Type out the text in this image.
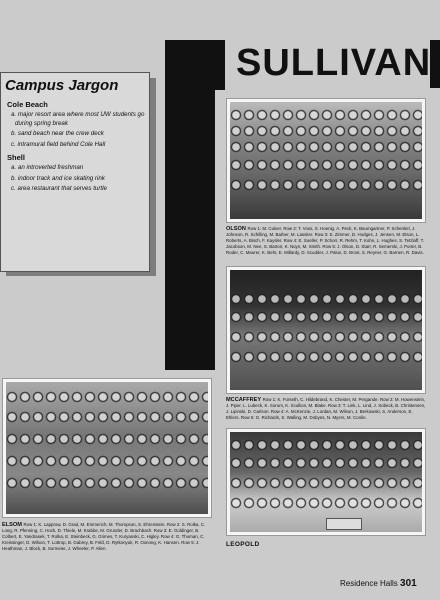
SULLIVAN
Campus Jargon
Cole Beach
a. major resort area where most UW students go during spring break
b. sand beach near the crew deck
c. intramural field behind Cole Hall
Shell
a. an introverted freshman
b. indoor track and ice skating rink
c. area restaurant that serves turtle
OLSON Row 1: M. Culver. Row 2: T. Voss, S. Hoenig, A. Peck, K. Baumgartner, P. Schenkel, J. Johnson, R. Schilling, M. Barber, M. Lassiter. Row 3: S. Zimmer, D. Hodges, J. Jensen, M. Elson, L. Roberts, A. Bisch, F. Kaysler. Row 4: E. Soeller, P. Schorr, R. Rehm, T. Kohn, L. Hughes, S. Tetzlaff, T. Jacobson, M. Nee, S. Barton, K. Nuyn, M. Smith. Row 5: J. Olson, D. Starr, R. Semerski, J. Porter, B. Roder, C. Maurer, K. Behr, E. Millardy, D. Scudder, J. Palus, D. Brost, S. Reyner, G. Barnen, R. Davis.
MCCAFFREY Row 1: K. Forseth, C. Hildebrand, K. Chester, M. Pergande. Row 2: M. Howenstein, J. Piper, L. Lubeck, K. Sorum, K. Scullion, M. Blake. Row 3: T. Link, L. Lind, J. Sobeck, B. Christensen, J. Lipinski, D. Carlson. Row 4: A. McKenzie, J. Lordan, M. Wilson, J. Berkowski, S. Anderson, E. Ehlers. Row 5: G. Richards, S. Walling, M. Dobyns, N. Myers, M. Conlin.
ELSOM Row 1: K. Lapprow, D. Grad, M. Emmerich, M. Thompson, S. Ehrenstein. Row 2: S. Rolka, C. Long, R. Pfenning, C. Hock, D. Thiele, M. Krabbe, M. Grunder, D. Brachbach. Row 3: E. Goldinger, B. Colbert, E. Yandrasek, T. Rolka, E. Steinbeck, G. Grimes, T. Kuryanski, C. Higley. Row 4: G. Thoman, C. Kreissinger, D. Wilson, T. Lottrop, B. Gabrey, B. Feld, D. Rytkonyuk, R. Oxnong, K. Hansen. Row 5: J. Heathman, J. Block, B. Sormeier, J. Wheeler, P. Allen.
LEOPOLD
Residence Halls 301
